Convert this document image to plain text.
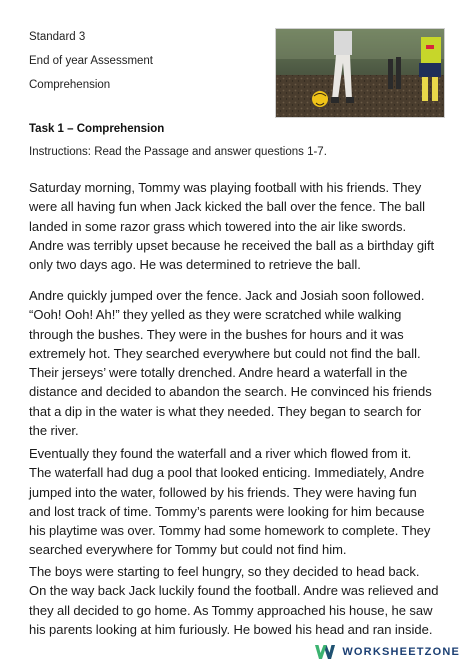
Standard 3
End of year Assessment
Comprehension
Task 1 – Comprehension
Instructions: Read the Passage and answer questions 1-7.
Saturday morning, Tommy was playing football with his friends. They
were all having fun when Jack kicked the ball over the fence. The ball
landed in some razor grass which towered into the air like swords.
Andre was terribly upset because he received the ball as a birthday gift
only two days ago. He was determined to retrieve the ball.
Andre quickly jumped over the fence. Jack and Josiah soon followed.
“Ooh! Ooh! Ah!” they yelled as they were scratched while walking
through the bushes. They were in the bushes for hours and it was
extremely hot. They searched everywhere but could not find the ball.
Their jerseys’ were totally drenched. Andre heard a waterfall in the
distance and decided to abandon the search. He convinced his friends
that a dip in the water is what they needed. They began to search for
the river.
Eventually they found the waterfall and a river which flowed from it.
The waterfall had dug a pool that looked enticing. Immediately, Andre
jumped into the water, followed by his friends. They were having fun
and lost track of time. Tommy’s parents were looking for him because
his playtime was over. Tommy had some homework to complete. They
searched everywhere for Tommy but could not find him.
The boys were starting to feel hungry, so they decided to head back.
On the way back Jack luckily found the football. Andre was relieved and
they all decided to go home. As Tommy approached his house, he saw
his parents looking at him furiously. He bowed his head and ran inside.
WORKSHEETZONE
